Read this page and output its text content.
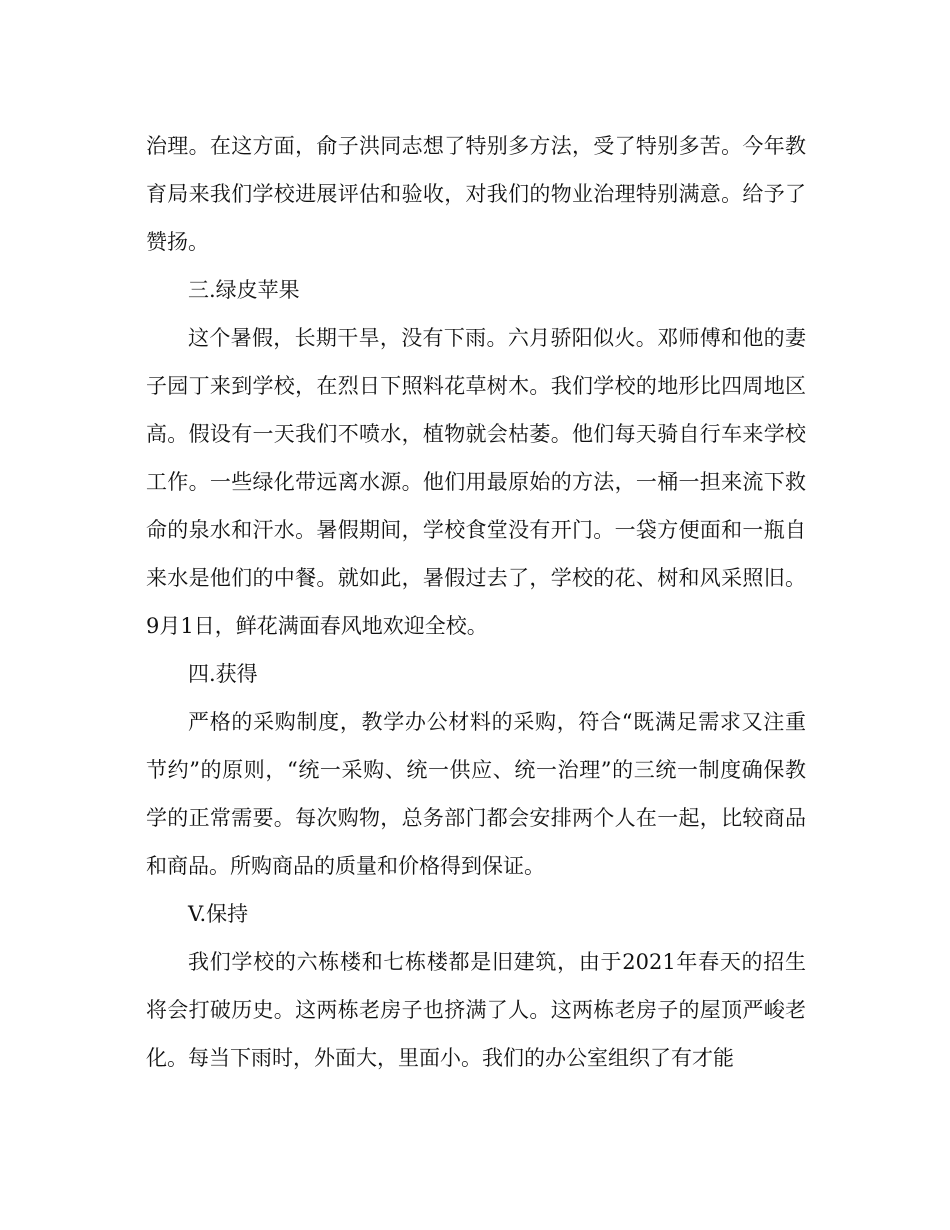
治理。在这方面，俞子洪同志想了特别多方法，受了特别多苦。今年教育局来我们学校进展评估和验收，对我们的物业治理特别满意。给予了赞扬。

三.绿皮苹果

这个暑假，长期干旱，没有下雨。六月骄阳似火。邓师傅和他的妻子园丁来到学校，在烈日下照料花草树木。我们学校的地形比四周地区高。假设有一天我们不喷水，植物就会枯萎。他们每天骑自行车来学校工作。一些绿化带远离水源。他们用最原始的方法，一桶一担来流下救命的泉水和汗水。暑假期间，学校食堂没有开门。一袋方便面和一瓶自来水是他们的中餐。就如此，暑假过去了，学校的花、树和风采照旧。9月1日，鲜花满面春风地欢迎全校。

四.获得

严格的采购制度，教学办公材料的采购，符合“既满足需求又注重节约”的原则，“统一采购、统一供应、统一治理”的三统一制度确保教学的正常需要。每次购物，总务部门都会安排两个人在一起，比较商品和商品。所购商品的质量和价格得到保证。

V.保持

我们学校的六栋楼和七栋楼都是旧建筑，由于2021年春天的招生将会打破历史。这两栋老房子也挤满了人。这两栋老房子的屋顶严峻老化。每当下雨时，外面大，里面小。我们的办公室组织了有才能
